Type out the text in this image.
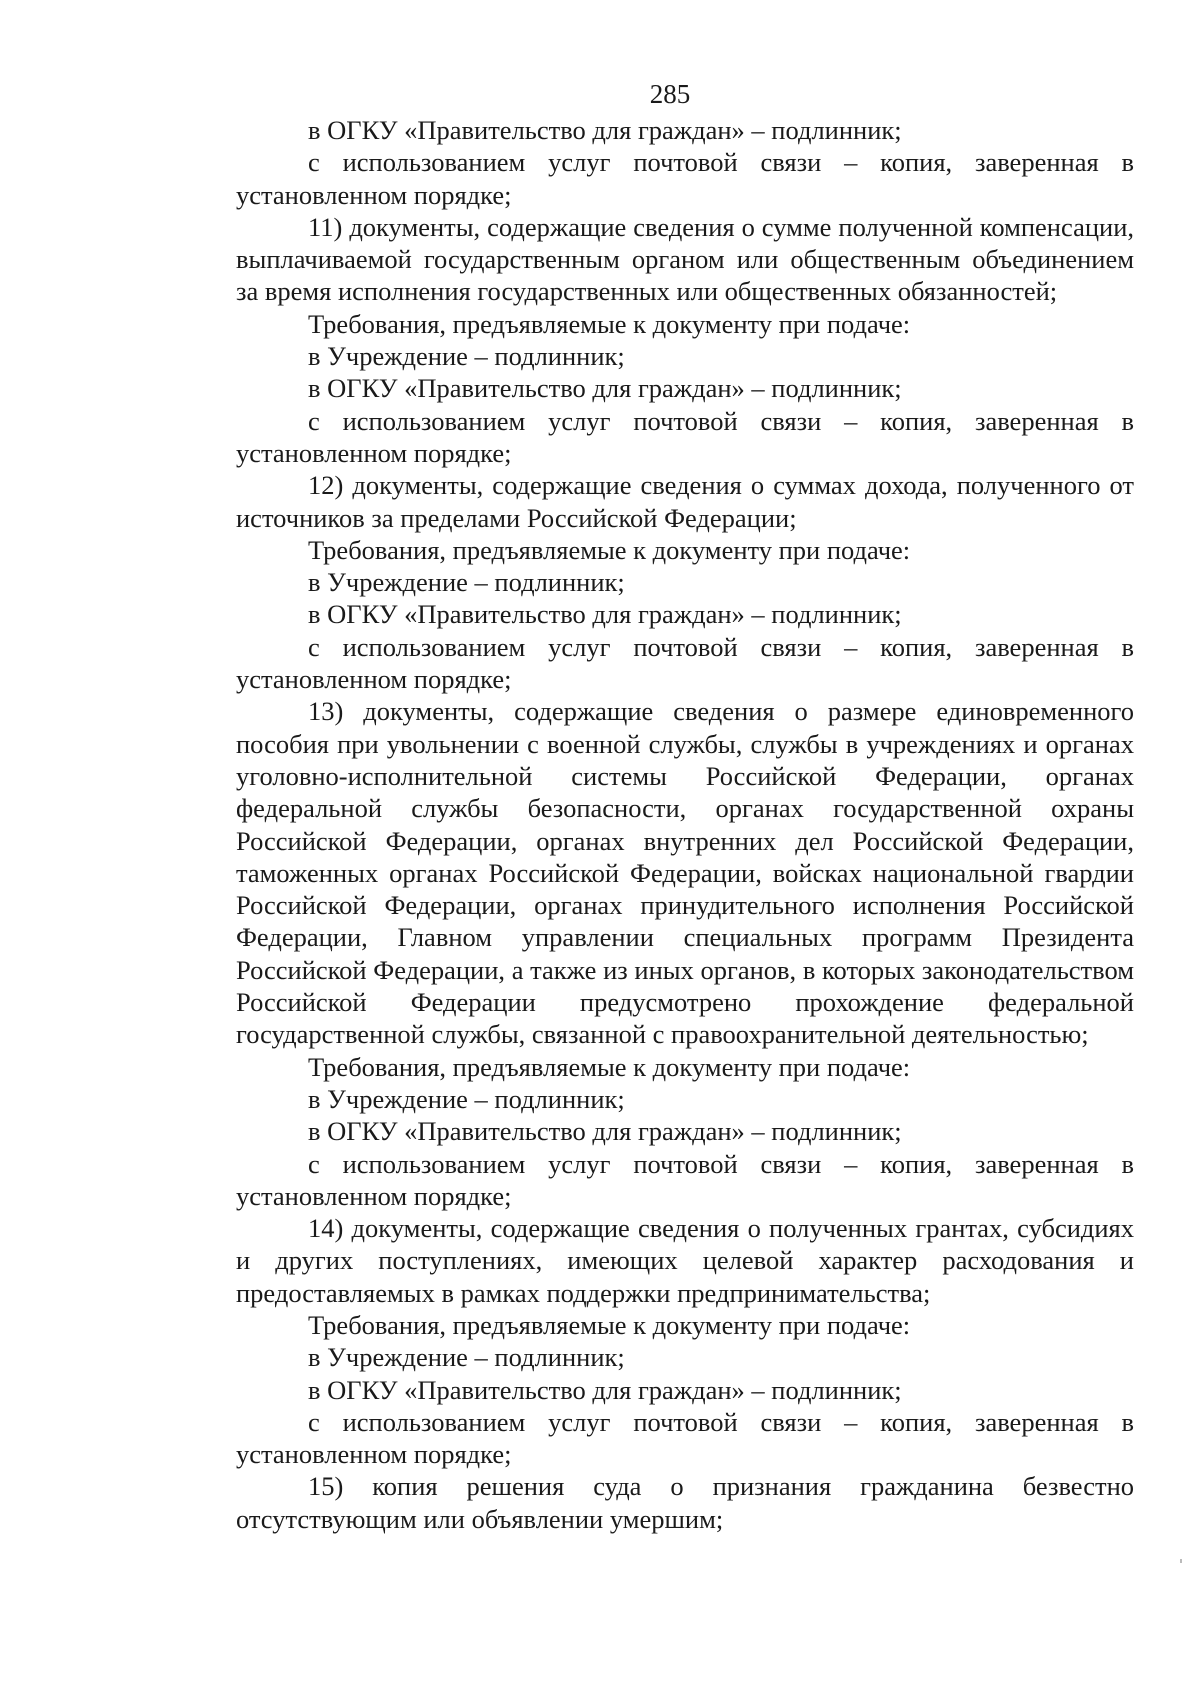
285

в ОГКУ «Правительство для граждан» – подлинник;

с использованием услуг почтовой связи – копия, заверенная в установленном порядке;

11) документы, содержащие сведения о сумме полученной компенсации, выплачиваемой государственным органом или общественным объединением за время исполнения государственных или общественных обязанностей;

Требования, предъявляемые к документу при подаче:

в Учреждение – подлинник;

в ОГКУ «Правительство для граждан» – подлинник;

с использованием услуг почтовой связи – копия, заверенная в установленном порядке;

12) документы, содержащие сведения о суммах дохода, полученного от источников за пределами Российской Федерации;

Требования, предъявляемые к документу при подаче:

в Учреждение – подлинник;

в ОГКУ «Правительство для граждан» – подлинник;

с использованием услуг почтовой связи – копия, заверенная в установленном порядке;

13) документы, содержащие сведения о размере единовременного пособия при увольнении с военной службы, службы в учреждениях и органах уголовно-исполнительной системы Российской Федерации, органах федеральной службы безопасности, органах государственной охраны Российской Федерации, органах внутренних дел Российской Федерации, таможенных органах Российской Федерации, войсках национальной гвардии Российской Федерации, органах принудительного исполнения Российской Федерации, Главном управлении специальных программ Президента Российской Федерации, а также из иных органов, в которых законодательством Российской Федерации предусмотрено прохождение федеральной государственной службы, связанной с правоохранительной деятельностью;

Требования, предъявляемые к документу при подаче:

в Учреждение – подлинник;

в ОГКУ «Правительство для граждан» – подлинник;

с использованием услуг почтовой связи – копия, заверенная в установленном порядке;

14) документы, содержащие сведения о полученных грантах, субсидиях и других поступлениях, имеющих целевой характер расходования и предоставляемых в рамках поддержки предпринимательства;

Требования, предъявляемые к документу при подаче:

в Учреждение – подлинник;

в ОГКУ «Правительство для граждан» – подлинник;

с использованием услуг почтовой связи – копия, заверенная в установленном порядке;

15) копия решения суда о признания гражданина безвестно отсутствующим или объявлении умершим;
